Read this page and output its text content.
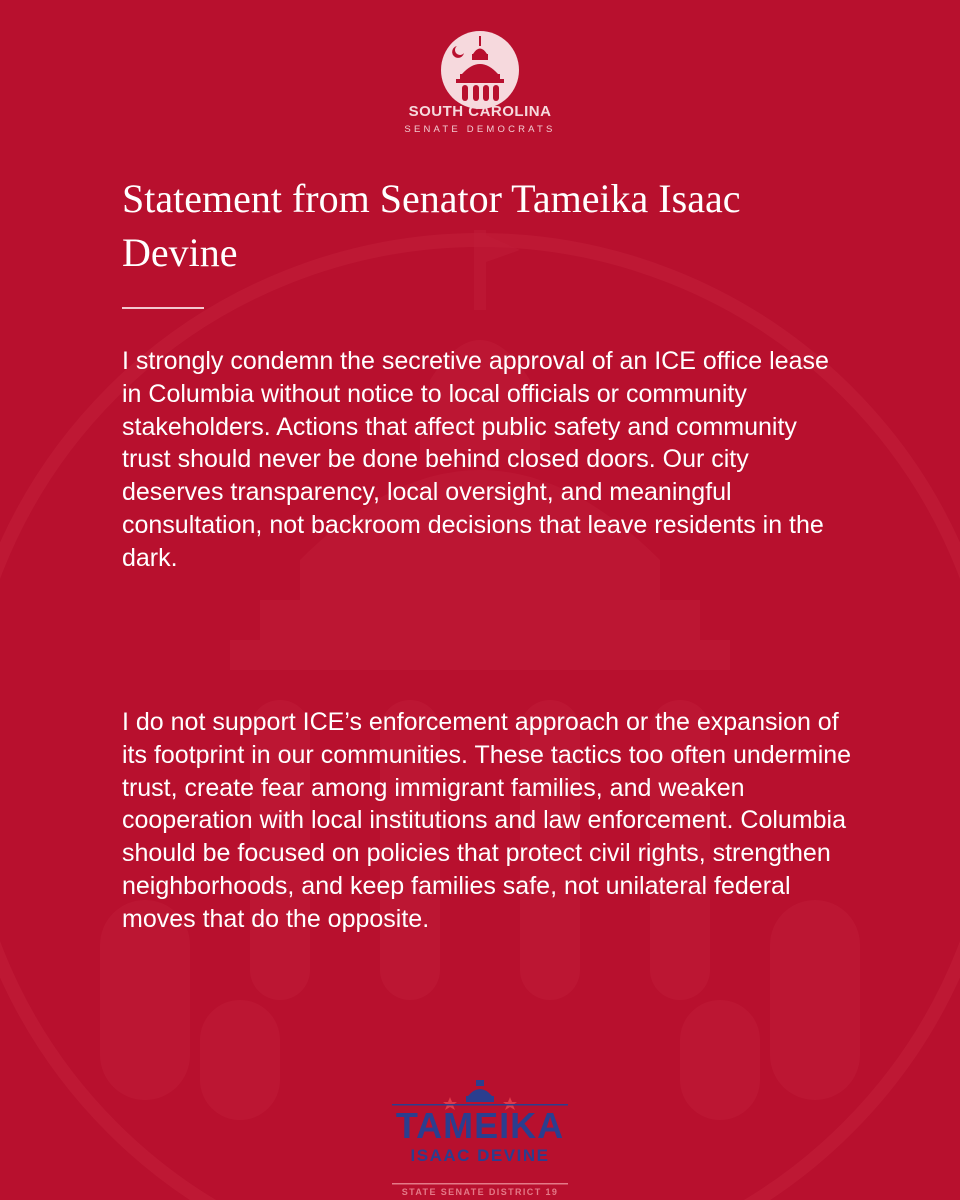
SOUTH CAROLINA
SENATE DEMOCRATS
Statement from Senator Tameika Isaac Devine

I strongly condemn the secretive approval of an ICE office lease in Columbia without notice to local officials or community stakeholders. Actions that affect public safety and community trust should never be done behind closed doors. Our city deserves transparency, local oversight, and meaningful consultation, not backroom decisions that leave residents in the dark.

I do not support ICE’s enforcement approach or the expansion of its footprint in our communities. These tactics too often undermine trust, create fear among immigrant families, and weaken cooperation with local institutions and law enforcement. Columbia should be focused on policies that protect civil rights, strengthen neighborhoods, and keep families safe, not unilateral federal moves that do the opposite.

TAMEIKA
ISAAC DEVINE
STATE SENATE DISTRICT 19
